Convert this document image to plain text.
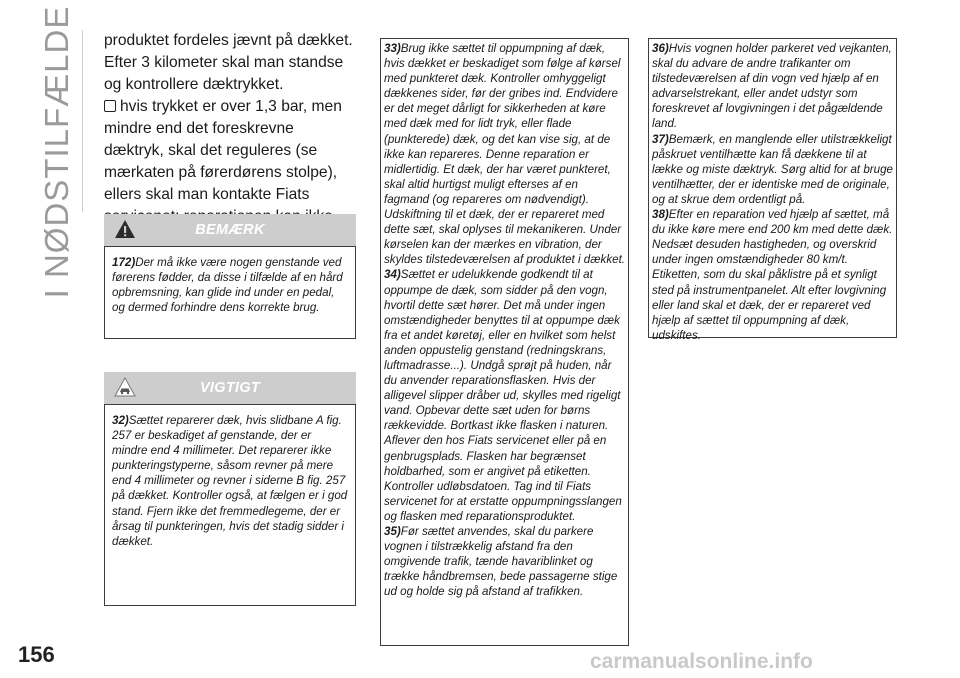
I NØDSTILFÆLDE produktet fordeles jævnt på dækket. Efter 3 kilometer skal man standse og kontrollere dæktrykket.

hvis trykket er over 1,3 bar, men mindre end det foreskrevne dæktryk, skal det reguleres (se mærkaten på førerdørens stolpe), ellers skal man kontakte Fiats

BEMÆRK

172)Der må ikke være nogen genstande ved førerens fødder, da disse i tilfælde af en hård opbremsning, kan glide ind under en pedal, og dermed forhindre dens korrekte brug.

VIGTIGT

32)Sættet reparerer dæk, hvis slidbane A fig. 257 er beskadiget af genstande, der er mindre end 4 millimeter. Det reparerer ikke punkteringstyperne, såsom revner på mere end 4 millimeter og revner i siderne B fig. 257 på dækket. Kontroller også, at fælgen er i god stand. Fjern ikke det fremmedlegeme, der er årsag til punkteringen, hvis det stadig sidder i dækket.

33)Brug ikke sættet til oppumpning af dæk, hvis dækket er beskadiget som følge af kørsel med punkteret dæk. Kontroller omhyggeligt dækkenes sider, før der gribes ind. Endvidere er det meget dårligt for sikkerheden at køre med dæk med for lidt tryk, eller flade (punkterede) dæk, og det kan vise sig, at de ikke kan repareres. Denne reparation er midlertidig. Et dæk, der har været punkteret, skal altid hurtigst muligt efterses af en fagmand (og repareres om nødvendigt). Udskiftning til et dæk, der er repareret med dette sæt, skal oplyses til mekanikeren. Under kørselen kan der mærkes en vibration, der skyldes tilstedeværelsen af produktet i dækket.

34)Sættet er udelukkende godkendt til at oppumpe de dæk, som sidder på den vogn, hvortil dette sæt hører. Det må under ingen omstændigheder benyttes til at oppumpe dæk fra et andet køretøj, eller en hvilket som helst anden oppustelig genstand (redningskrans, luftmadrasse...). Undgå sprøjt på huden, når du anvender reparationsflasken. Hvis der alligevel slipper dråber ud, skylles med rigeligt vand. Opbevar dette sæt uden for børns rækkevidde. Bortkast ikke flasken i naturen. Aflever den hos Fiats servicenet eller på en genbrugsplads. Flasken har begrænset holdbarhed, som er angivet på etiketten. Kontroller udløbsdatoen. Tag ind til Fiats servicenet for at erstatte oppumpningsslangen og flasken med reparationsproduktet.

35)Før sættet anvendes, skal du parkere vognen i tilstrækkelig afstand fra den omgivende trafik, tænde havariblinket og trække håndbremsen, bede passagerne stige ud og holde sig på afstand af trafikken.

36)Hvis vognen holder parkeret ved vejkanten, skal du advare de andre trafikanter om tilstedeværelsen af din vogn ved hjælp af en advarselstrekant, eller andet udstyr som foreskrevet af lovgivningen i det pågældende land.

37)Bemærk, en manglende eller utilstrækkeligt påskruet ventilhætte kan få dækkene til at lække og miste dæktryk. Sørg altid for at bruge ventilhætter, der er identiske med de originale, og at skrue dem ordentligt på.

38)Efter en reparation ved hjælp af sættet, må du ikke køre mere end 200 km med dette dæk. Nedsæt desuden hastigheden, og overskrid under ingen omstændigheder 80 km/t. Etiketten, som du skal påklistre på et synligt sted på instrumentpanelet. Alt efter lovgivning eller land skal et dæk, der er repareret ved hjælp af sættet til oppumpning af dæk, udskiftes.

156	carmanualsonline.info
